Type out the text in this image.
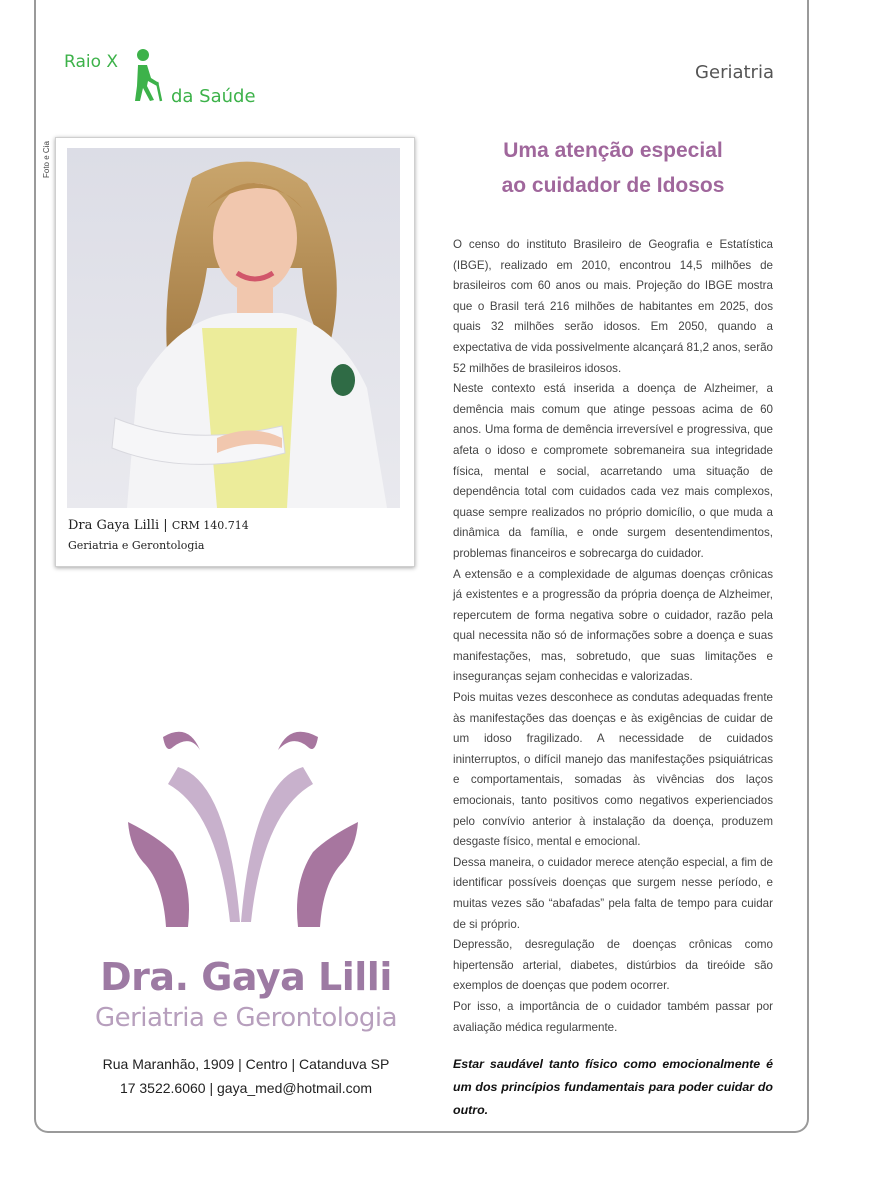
Raio X
da Saúde
Geriatria
Foto e Cia
Dra Gaya Lilli | CRM 140.714
Geriatria e Gerontologia
Dra. Gaya Lilli
Geriatria e Gerontologia
Rua Maranhão, 1909 | Centro | Catanduva SP
17 3522.6060 | gaya_med@hotmail.com
Uma atenção especial
ao cuidador de Idosos

O censo do instituto Brasileiro de Geografia e Estatística (IBGE), realizado em 2010, encontrou 14,5 milhões de brasileiros com 60 anos ou mais. Projeção do IBGE mostra que o Brasil terá 216 milhões de habitantes em 2025, dos quais 32 milhões serão idosos. Em 2050, quando a expectativa de vida possivelmente alcançará 81,2 anos, serão 52 milhões de brasileiros idosos.

Neste contexto está inserida a doença de Alzheimer, a demência mais comum que atinge pessoas acima de 60 anos. Uma forma de demência irreversível e progressiva, que afeta o idoso e compromete sobremaneira sua integridade física, mental e social, acarretando uma situação de dependência total com cuidados cada vez mais complexos, quase sempre realizados no próprio domicílio, o que muda a dinâmica da família, e onde surgem desentendimentos, problemas financeiros e sobrecarga do cuidador.

A extensão e a complexidade de algumas doenças crônicas já existentes e a progressão da própria doença de Alzheimer, repercutem de forma negativa sobre o cuidador, razão pela qual necessita não só de informações sobre a doença e suas manifestações, mas, sobretudo, que suas limitações e inseguranças sejam conhecidas e valorizadas.

Pois muitas vezes desconhece as condutas adequadas frente às manifestações das doenças e às exigências de cuidar de um idoso fragilizado. A necessidade de cuidados ininterruptos, o difícil manejo das manifestações psiquiátricas e comportamentais, somadas às vivências dos laços emocionais, tanto positivos como negativos experienciados pelo convívio anterior à instalação da doença, produzem desgaste físico, mental e emocional.

Dessa maneira, o cuidador merece atenção especial, a fim de identificar possíveis doenças que surgem nesse período, e muitas vezes são “abafadas” pela falta de tempo para cuidar de si próprio.

Depressão, desregulação de doenças crônicas como hipertensão arterial, diabetes, distúrbios da tireóide são exemplos de doenças que podem ocorrer.

Por isso, a importância de o cuidador também passar por avaliação médica regularmente.

Estar saudável tanto físico como emocionalmente é um dos princípios fundamentais para poder cuidar do outro.
